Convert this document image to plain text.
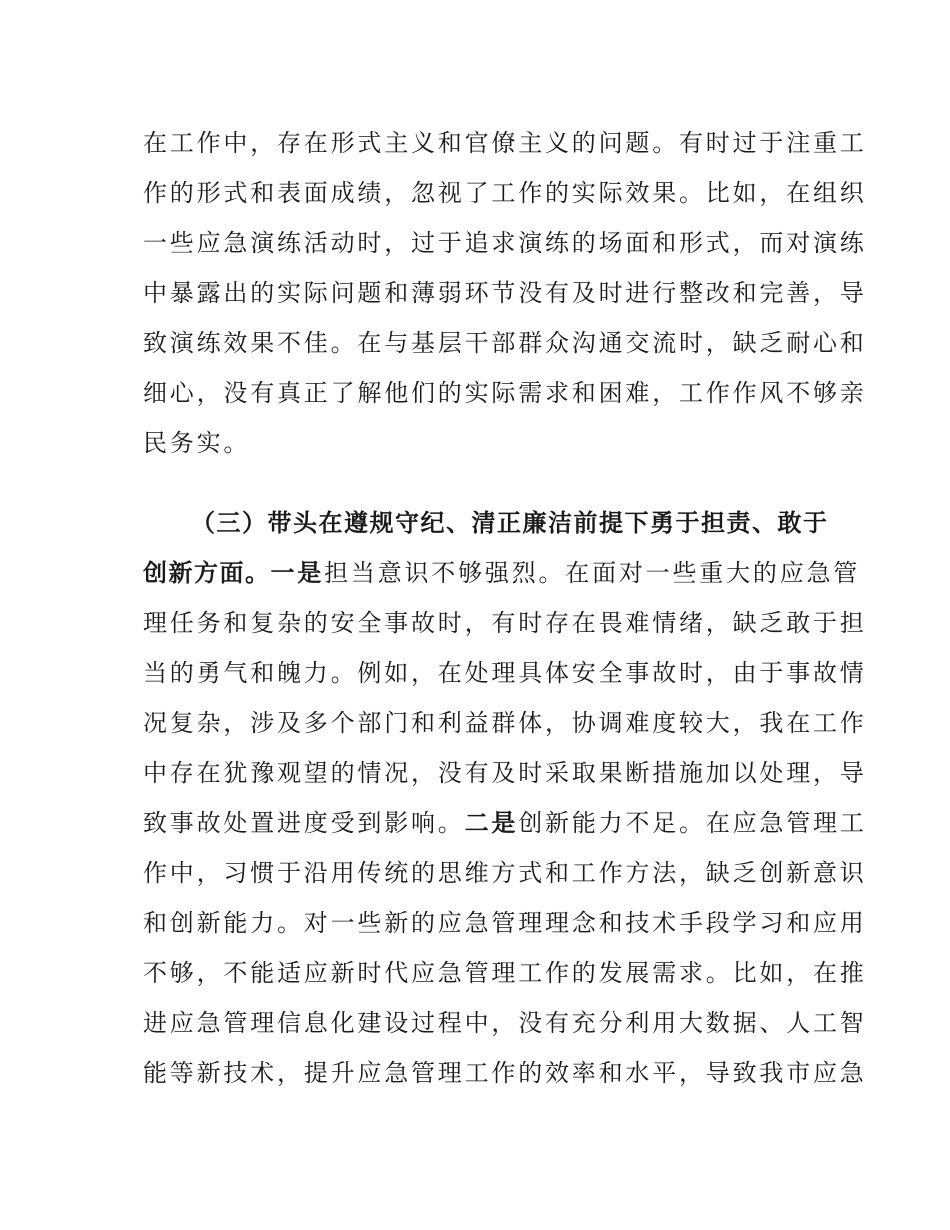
在工作中，存在形式主义和官僚主义的问题。有时过于注重工
作的形式和表面成绩，忽视了工作的实际效果。比如，在组织
一些应急演练活动时，过于追求演练的场面和形式，而对演练
中暴露出的实际问题和薄弱环节没有及时进行整改和完善，导
致演练效果不佳。在与基层干部群众沟通交流时，缺乏耐心和
细心，没有真正了解他们的实际需求和困难，工作作风不够亲
民务实。
（三）带头在遵规守纪、清正廉洁前提下勇于担责、敢于
创新方面。一是担当意识不够强烈。在面对一些重大的应急管
理任务和复杂的安全事故时，有时存在畏难情绪，缺乏敢于担
当的勇气和魄力。例如，在处理具体安全事故时，由于事故情
况复杂，涉及多个部门和利益群体，协调难度较大，我在工作
中存在犹豫观望的情况，没有及时采取果断措施加以处理，导
致事故处置进度受到影响。二是创新能力不足。在应急管理工
作中，习惯于沿用传统的思维方式和工作方法，缺乏创新意识
和创新能力。对一些新的应急管理理念和技术手段学习和应用
不够，不能适应新时代应急管理工作的发展需求。比如，在推
进应急管理信息化建设过程中，没有充分利用大数据、人工智
能等新技术，提升应急管理工作的效率和水平，导致我市应急
